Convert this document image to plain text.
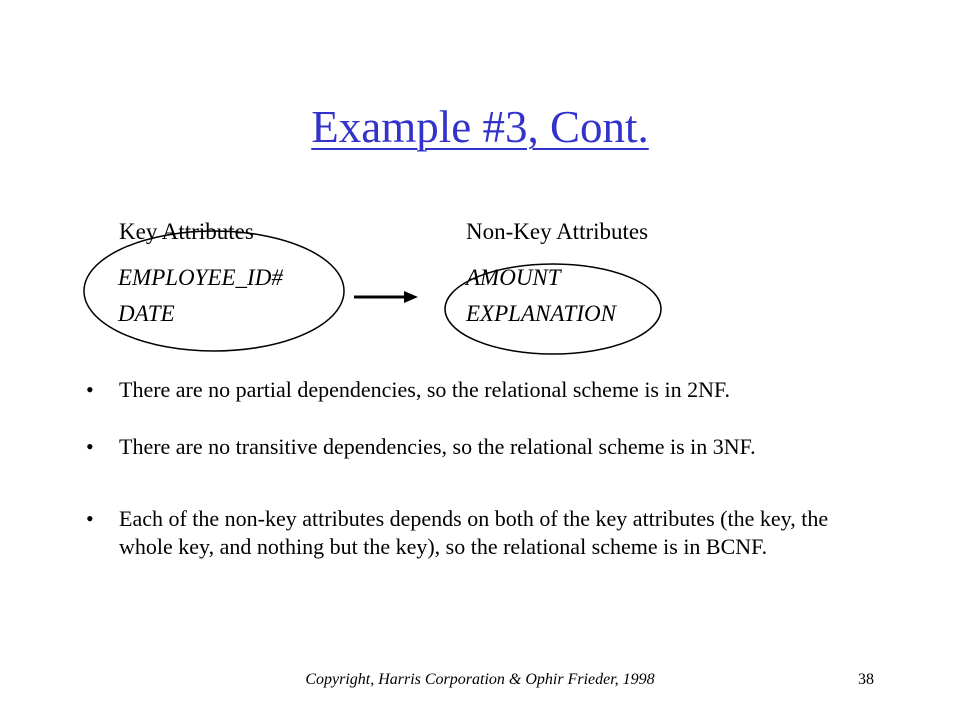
Example #3, Cont.
Key Attributes	Non-Key Attributes
EMPLOYEE_ID#
DATE
AMOUNT
EXPLANATION
•	There are no partial dependencies, so the relational scheme is in 2NF.
•	There are no transitive dependencies, so the relational scheme is in 3NF.
•	Each of the non-key attributes depends on both of the key attributes (the key, the whole key, and nothing but the key), so the relational scheme is in BCNF.
Copyright, Harris Corporation & Ophir Frieder, 1998	38
